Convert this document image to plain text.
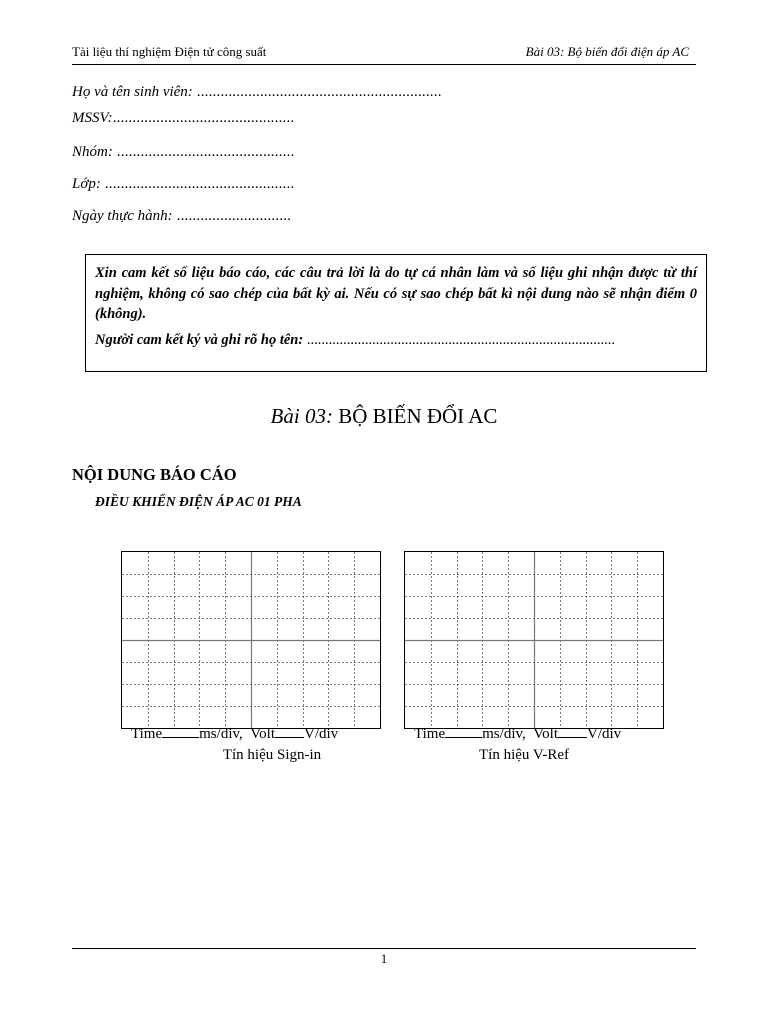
Tài liệu thí nghiệm Điện tử công suất	Bài 03: Bộ biến đổi điện áp AC
Họ và tên sinh viên: ..............................................................
MSSV:..............................................
Nhóm: .............................................
Lớp: ................................................
Ngày thực hành: .............................

Xin cam kết số liệu báo cáo, các câu trả lời là do tự cá nhân làm và số liệu ghi nhận được từ thí nghiệm, không có sao chép của bất kỳ ai. Nếu có sự sao chép bất kì nội dung nào sẽ nhận điểm 0 (không).

Người cam kết ký và ghi rõ họ tên: .....................................................................................
Bài 03: BỘ BIẾN ĐỔI AC
NỘI DUNG BÁO CÁO
ĐIỀU KHIỂN ĐIỆN ÁP AC 01 PHA
Time ms/div, Volt V/div
Tín hiệu Sign-in
Time ms/div, Volt V/div
Tín hiệu V-Ref
1
